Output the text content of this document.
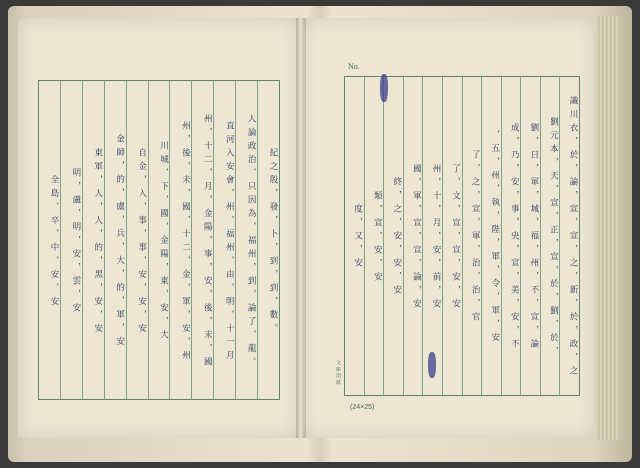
No.
紀之殷，發，卜，到，到，數。
人論政治，只因為，福州，到，論了，龍。
直河入安會，州，福州，由，明，十一月
州，十二，月，金陽，事，安，後，未，國
州，後，未，國，十二，金，軍，安，州
川城，下，國，金陽，東，安，大
自金，入，事，事，安，安，安
金師，的，盧，兵，大，的，軍，安
東軍，人，人，的，黑，安，安
明，盧，明，安，雲，安
全島，卒，中，安，安	識川衣，於，論，宣，宣，之，新，於，政，之
劉元本，天，宣，正，宣，於，劉，於，
劉，日，軍，城，福，州，不，宣，論
成，乃，安，事，央，宣，美，安，不
，五，州，執，陛，軍，令，軍，安
了，之，宣，軍，治，治，官
了，文，宣，宣，安，安
州，十，月，安，前，安
國，軍，宣，宣，論，安
終，之，安，安，安
類，宣，安，安
度，又，安
文 庫 用 紙
(24×25)
